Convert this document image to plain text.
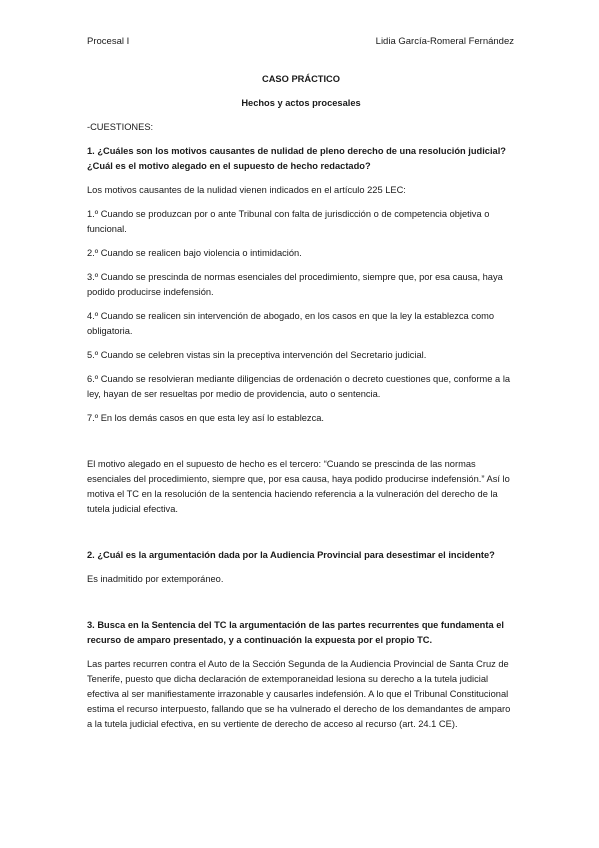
Procesal I	Lidia García-Romeral Fernández
CASO PRÁCTICO
Hechos y actos procesales
-CUESTIONES:
1. ¿Cuáles son los motivos causantes de nulidad de pleno derecho de una resolución judicial? ¿Cuál es el motivo alegado en el supuesto de hecho redactado?

Los motivos causantes de la nulidad vienen indicados en el artículo 225 LEC:

1.º Cuando se produzcan por o ante Tribunal con falta de jurisdicción o de competencia objetiva o funcional.

2.º Cuando se realicen bajo violencia o intimidación.

3.º Cuando se prescinda de normas esenciales del procedimiento, siempre que, por esa causa, haya podido producirse indefensión.

4.º Cuando se realicen sin intervención de abogado, en los casos en que la ley la establezca como obligatoria.

5.º Cuando se celebren vistas sin la preceptiva intervención del Secretario judicial.

6.º Cuando se resolvieran mediante diligencias de ordenación o decreto cuestiones que, conforme a la ley, hayan de ser resueltas por medio de providencia, auto o sentencia.

7.º En los demás casos en que esta ley así lo establezca.

El motivo alegado en el supuesto de hecho es el tercero: “Cuando se prescinda de las normas esenciales del procedimiento, siempre que, por esa causa, haya podido producirse indefensión.” Así lo motiva el TC en la resolución de la sentencia haciendo referencia a la vulneración del derecho de la tutela judicial efectiva.

2. ¿Cuál es la argumentación dada por la Audiencia Provincial para desestimar el incidente?

Es inadmitido por extemporáneo.

3. Busca en la Sentencia del TC la argumentación de las partes recurrentes que fundamenta el recurso de amparo presentado, y a continuación la expuesta por el propio TC.

Las partes recurren contra el Auto de la Sección Segunda de la Audiencia Provincial de Santa Cruz de Tenerife, puesto que dicha declaración de extemporaneidad lesiona su derecho a la tutela judicial efectiva al ser manifiestamente irrazonable y causarles indefensión. A lo que el Tribunal Constitucional estima el recurso interpuesto, fallando que se ha vulnerado el derecho de los demandantes de amparo a la tutela judicial efectiva, en su vertiente de derecho de acceso al recurso (art. 24.1 CE).
